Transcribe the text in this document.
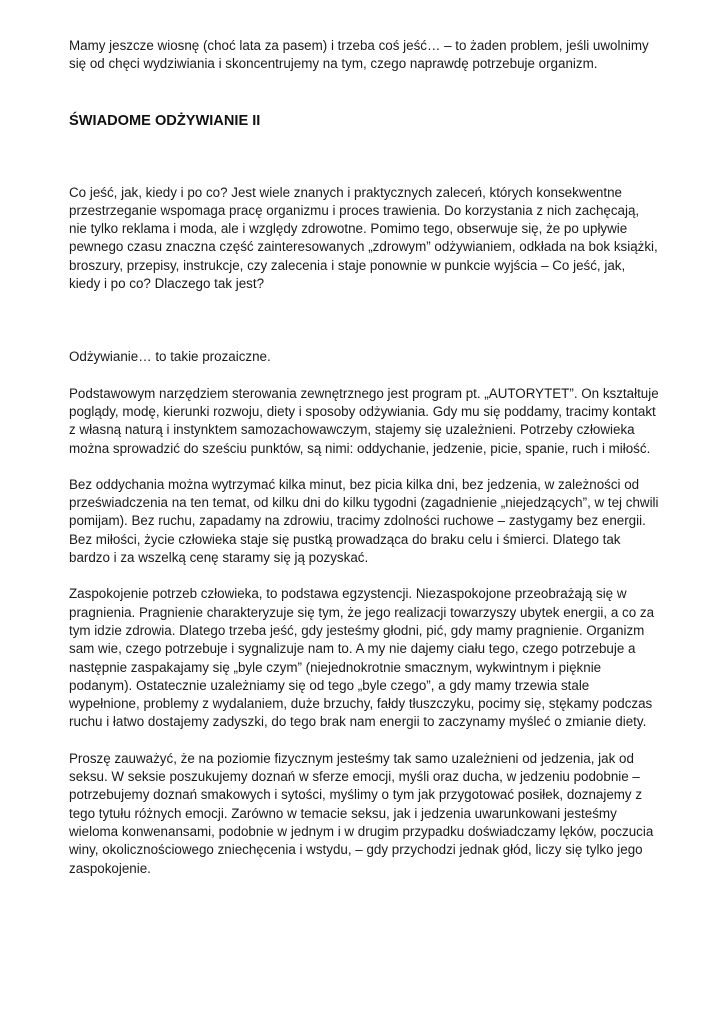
Mamy jeszcze wiosnę (choć lata za pasem) i trzeba coś jeść… – to żaden problem, jeśli uwolnimy się od chęci wydziwiania i skoncentrujemy na tym, czego naprawdę potrzebuje organizm.

ŚWIADOME ODŻYWIANIE II

Co jeść, jak, kiedy i po co? Jest wiele znanych i praktycznych zaleceń, których konsekwentne przestrzeganie wspomaga pracę organizmu i proces trawienia. Do korzystania z nich zachęcają, nie tylko reklama i moda, ale i względy zdrowotne. Pomimo tego, obserwuje się, że po upływie pewnego czasu znaczna część zainteresowanych „zdrowym” odżywianiem, odkłada na bok książki, broszury, przepisy, instrukcje, czy zalecenia i staje ponownie w punkcie wyjścia – Co jeść, jak, kiedy i po co? Dlaczego tak jest?

Odżywianie… to takie prozaiczne.

Podstawowym narzędziem sterowania zewnętrznego jest program pt. „AUTORYTET”. On kształtuje poglądy, modę, kierunki rozwoju, diety i sposoby odżywiania. Gdy mu się poddamy, tracimy kontakt z własną naturą i instynktem samozachowawczym, stajemy się uzależnieni. Potrzeby człowieka można sprowadzić do sześciu punktów, są nimi: oddychanie, jedzenie, picie, spanie, ruch i miłość.

Bez oddychania można wytrzymać kilka minut, bez picia kilka dni, bez jedzenia, w zależności od przeświadczenia na ten temat, od kilku dni do kilku tygodni (zagadnienie „niejedzących”, w tej chwili pomijam). Bez ruchu, zapadamy na zdrowiu, tracimy zdolności ruchowe – zastygamy bez energii. Bez miłości, życie człowieka staje się pustką prowadząca do braku celu i śmierci. Dlatego tak bardzo i za wszelką cenę staramy się ją pozyskać.

Zaspokojenie potrzeb człowieka, to podstawa egzystencji. Niezaspokojone przeobrażają się w pragnienia. Pragnienie charakteryzuje się tym, że jego realizacji towarzyszy ubytek energii, a co za tym idzie zdrowia. Dlatego trzeba jeść, gdy jesteśmy głodni, pić, gdy mamy pragnienie. Organizm sam wie, czego potrzebuje i sygnalizuje nam to. A my nie dajemy ciału tego, czego potrzebuje a następnie zaspakajamy się „byle czym” (niejednokrotnie smacznym, wykwintnym i pięknie podanym). Ostatecznie uzależniamy się od tego „byle czego”, a gdy mamy trzewia stale wypełnione, problemy z wydalaniem, duże brzuchy, fałdy tłuszczyku, pocimy się, stękamy podczas ruchu i łatwo dostajemy zadyszki, do tego brak nam energii to zaczynamy myśleć o zmianie diety.

Proszę zauważyć, że na poziomie fizycznym jesteśmy tak samo uzależnieni od jedzenia, jak od seksu. W seksie poszukujemy doznań w sferze emocji, myśli oraz ducha, w jedzeniu podobnie – potrzebujemy doznań smakowych i sytości, myślimy o tym jak przygotować posiłek, doznajemy z tego tytułu różnych emocji. Zarówno w temacie seksu, jak i jedzenia uwarunkowani jesteśmy wieloma konwenansami, podobnie w jednym i w drugim przypadku doświadczamy lęków, poczucia winy, okolicznościowego zniechęcenia i wstydu, – gdy przychodzi jednak głód, liczy się tylko jego zaspokojenie.
